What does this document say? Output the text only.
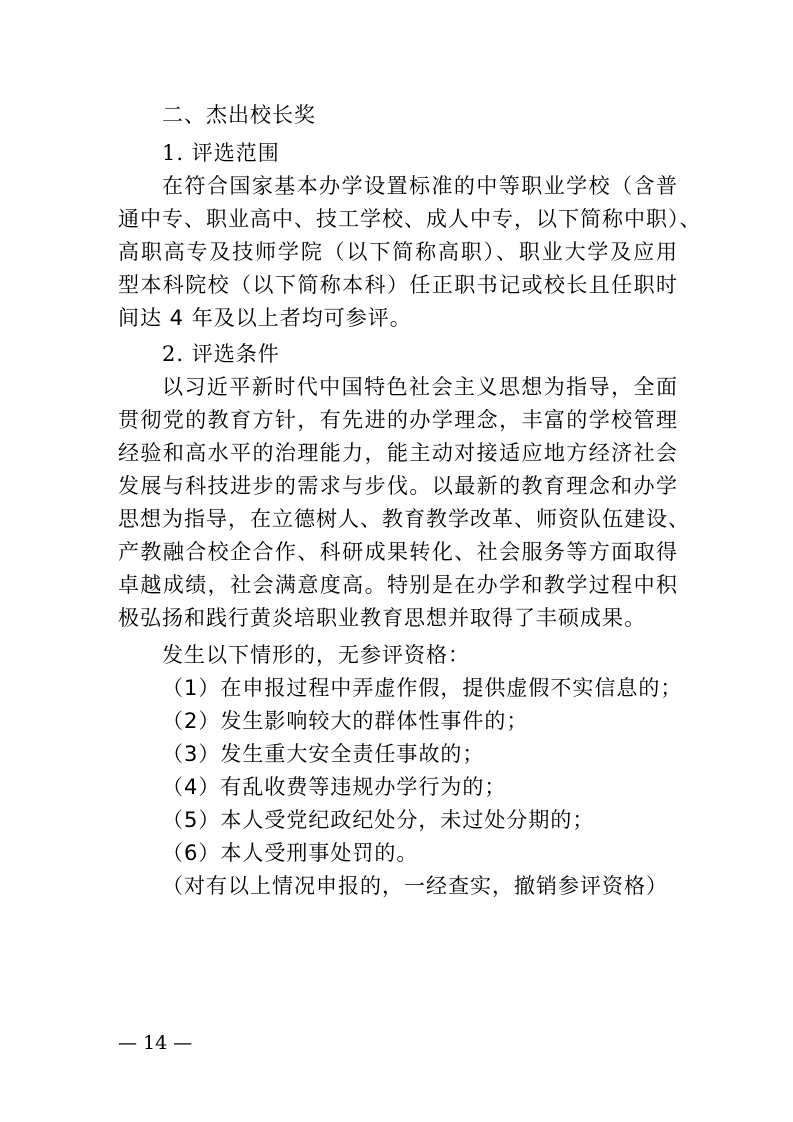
二、杰出校长奖
1. 评选范围
在符合国家基本办学设置标准的中等职业学校（含普
通中专、职业高中、技工学校、成人中专，以下简称中职）、
高职高专及技师学院（以下简称高职）、职业大学及应用
型本科院校（以下简称本科）任正职书记或校长且任职时
间达 4 年及以上者均可参评。
2. 评选条件
以习近平新时代中国特色社会主义思想为指导，全面
贯彻党的教育方针，有先进的办学理念，丰富的学校管理
经验和高水平的治理能力，能主动对接适应地方经济社会
发展与科技进步的需求与步伐。以最新的教育理念和办学
思想为指导，在立德树人、教育教学改革、师资队伍建设、
产教融合校企合作、科研成果转化、社会服务等方面取得
卓越成绩，社会满意度高。特别是在办学和教学过程中积
极弘扬和践行黄炎培职业教育思想并取得了丰硕成果。
发生以下情形的，无参评资格：
（1）在申报过程中弄虚作假，提供虚假不实信息的；
（2）发生影响较大的群体性事件的；
（3）发生重大安全责任事故的；
（4）有乱收费等违规办学行为的；
（5）本人受党纪政纪处分，未过处分期的；
（6）本人受刑事处罚的。
（对有以上情况申报的，一经查实，撤销参评资格）
— 14 —
